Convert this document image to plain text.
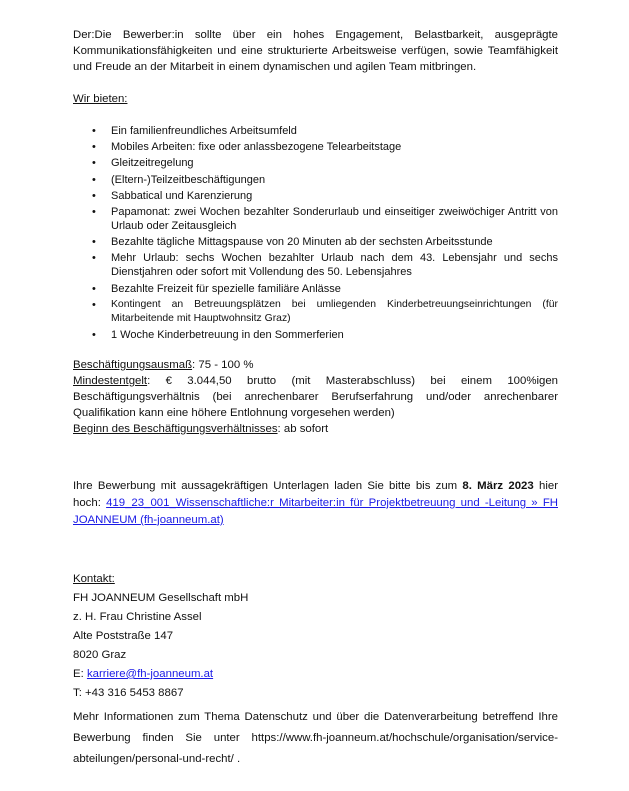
Der:Die Bewerber:in sollte über ein hohes Engagement, Belastbarkeit, ausgeprägte Kommunikationsfähigkeiten und eine strukturierte Arbeitsweise verfügen, sowie Teamfähigkeit und Freude an der Mitarbeit in einem dynamischen und agilen Team mitbringen.

Wir bieten:

• Ein familienfreundliches Arbeitsumfeld
• Mobiles Arbeiten: fixe oder anlassbezogene Telearbeitstage
• Gleitzeitregelung
• (Eltern-)Teilzeitbeschäftigungen
• Sabbatical und Karenzierung
• Papamonat: zwei Wochen bezahlter Sonderurlaub und einseitiger zweiwöchiger Antritt von Urlaub oder Zeitausgleich
• Bezahlte tägliche Mittagspause von 20 Minuten ab der sechsten Arbeitsstunde
• Mehr Urlaub: sechs Wochen bezahlter Urlaub nach dem 43. Lebensjahr und sechs Dienstjahren oder sofort mit Vollendung des 50. Lebensjahres
• Bezahlte Freizeit für spezielle familiäre Anlässe
• Kontingent an Betreuungsplätzen bei umliegenden Kinderbetreuungseinrichtungen (für Mitarbeitende mit Hauptwohnsitz Graz)
• 1 Woche Kinderbetreuung in den Sommerferien

Beschäftigungsausmaß: 75 - 100 %

Mindestentgelt: € 3.044,50 brutto (mit Masterabschluss) bei einem 100%igen Beschäftigungsverhältnis (bei anrechenbarer Berufserfahrung und/oder anrechenbarer Qualifikation kann eine höhere Entlohnung vorgesehen werden)

Beginn des Beschäftigungsverhältnisses: ab sofort

Ihre Bewerbung mit aussagekräftigen Unterlagen laden Sie bitte bis zum 8. März 2023 hier hoch: 419_23_001_Wissenschaftliche:r Mitarbeiter:in für Projektbetreuung und -Leitung » FH JOANNEUM (fh-joanneum.at)

Kontakt:

FH JOANNEUM Gesellschaft mbH

z. H. Frau Christine Assel

Alte Poststraße 147

8020 Graz

E: karriere@fh-joanneum.at

T: +43 316 5453 8867

Mehr Informationen zum Thema Datenschutz und über die Datenverarbeitung betreffend Ihre Bewerbung finden Sie unter https://www.fh-joanneum.at/hochschule/organisation/service-abteilungen/personal-und-recht/ .
